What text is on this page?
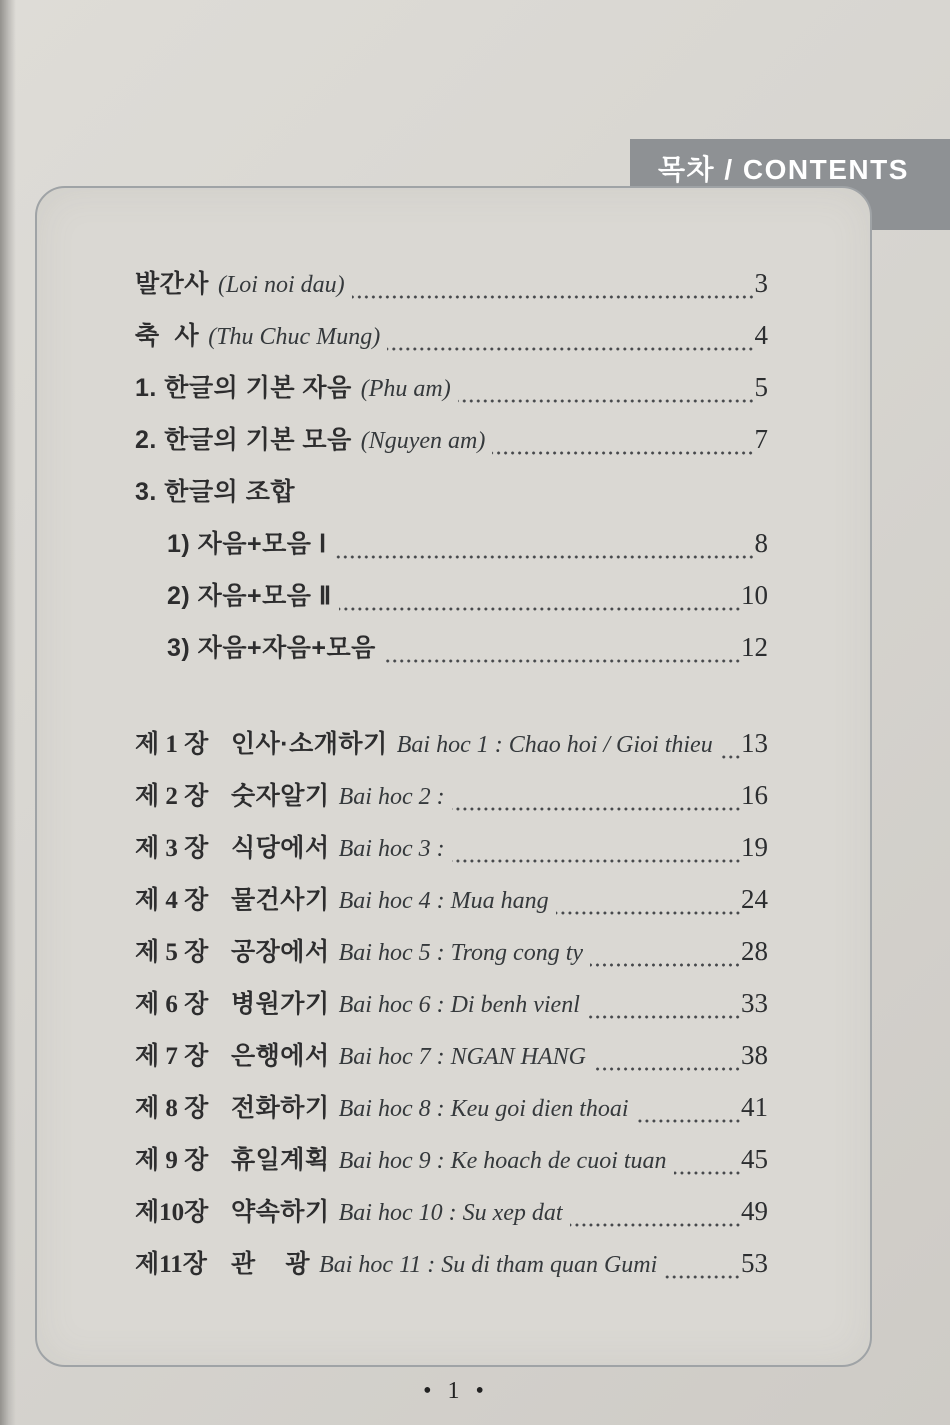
목차 / CONTENTS
발간사 (Loi noi dau)	3
축  사 (Thu Chuc Mung)	4
1. 한글의 기본 자음 (Phu am)	5
2. 한글의 기본 모음 (Nguyen am)	7
3. 한글의 조합
1) 자음+모음 Ⅰ	8
2) 자음+모음 Ⅱ	10
3) 자음+자음+모음	12
제 1 장 인사·소개하기 Bai hoc 1 : Chao hoi / Gioi thieu 13
제 2 장 숫자알기 Bai hoc 2 :	16
제 3 장 식당에서 Bai hoc 3 :	19
제 4 장 물건사기 Bai hoc 4 : Mua hang	24
제 5 장 공장에서 Bai hoc 5 : Trong cong ty	28
제 6 장 병원가기 Bai hoc 6 : Di benh vienl	33
제 7 장 은행에서 Bai hoc 7 : NGAN HANG	38
제 8 장 전화하기 Bai hoc 8 : Keu goi dien thoai	41
제 9 장 휴일계획 Bai hoc 9 : Ke hoach de cuoi tuan	45
제10장 약속하기 Bai hoc 10 : Su xep dat	49
제11장 관    광 Bai hoc 11 : Su di tham quan Gumi	53
• 1 •
